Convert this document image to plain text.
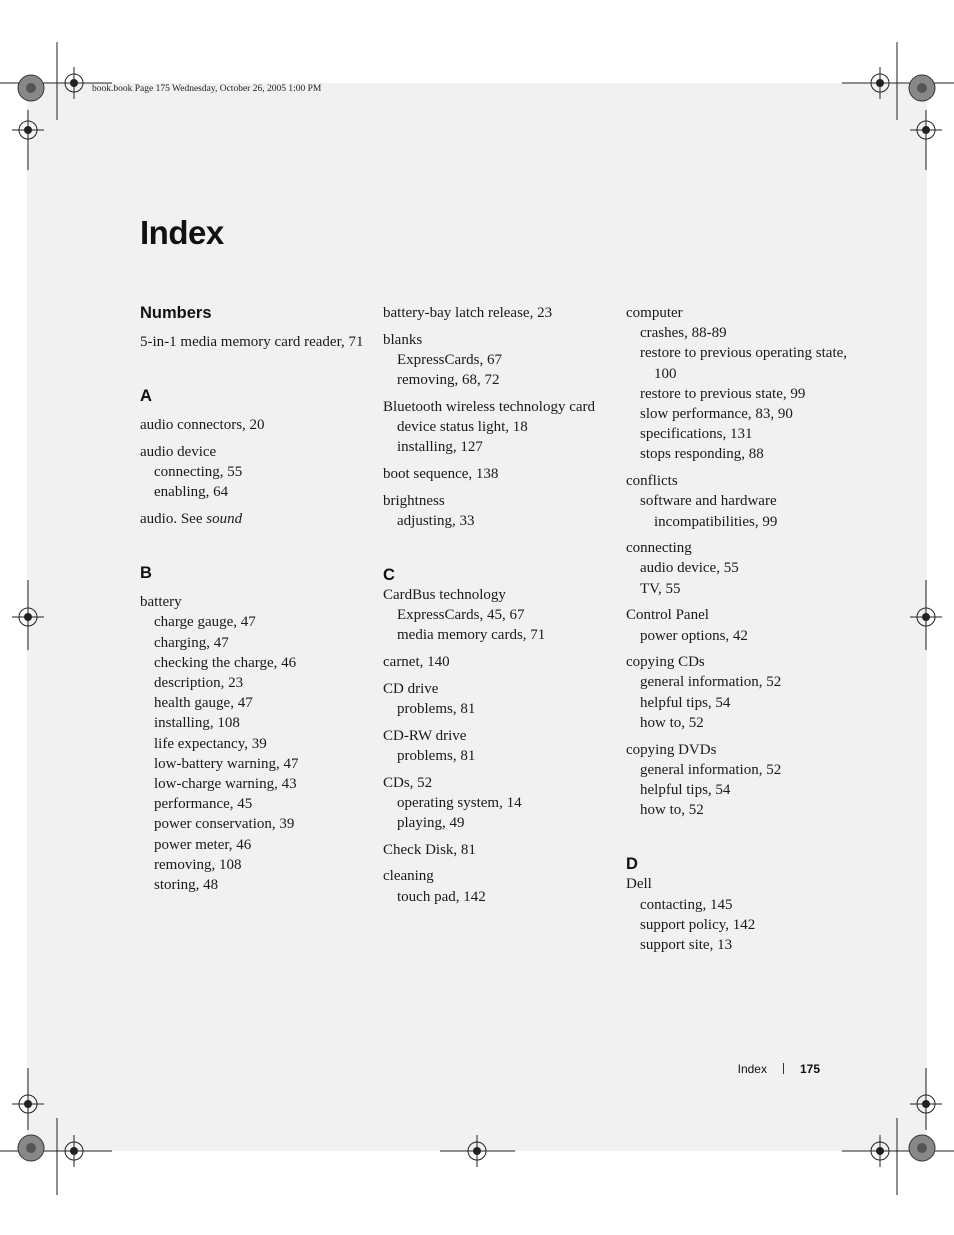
book.book Page 175 Wednesday, October 26, 2005 1:00 PM
Index
Numbers
5-in-1 media memory card reader, 71
A
audio connectors, 20
audio device
connecting, 55
enabling, 64
audio. See sound
B
battery
charge gauge, 47
charging, 47
checking the charge, 46
description, 23
health gauge, 47
installing, 108
life expectancy, 39
low-battery warning, 47
low-charge warning, 43
performance, 45
power conservation, 39
power meter, 46
removing, 108
storing, 48
battery-bay latch release, 23
blanks
ExpressCards, 67
removing, 68, 72
Bluetooth wireless technology card
device status light, 18
installing, 127
boot sequence, 138
brightness
adjusting, 33
C
CardBus technology
ExpressCards, 45, 67
media memory cards, 71
carnet, 140
CD drive
problems, 81
CD-RW drive
problems, 81
CDs, 52
operating system, 14
playing, 49
Check Disk, 81
cleaning
touch pad, 142
computer
crashes, 88-89
restore to previous operating state, 100
restore to previous state, 99
slow performance, 83, 90
specifications, 131
stops responding, 88
conflicts
software and hardware incompatibilities, 99
connecting
audio device, 55
TV, 55
Control Panel
power options, 42
copying CDs
general information, 52
helpful tips, 54
how to, 52
copying DVDs
general information, 52
helpful tips, 54
how to, 52
D
Dell
contacting, 145
support policy, 142
support site, 13
Index	175
